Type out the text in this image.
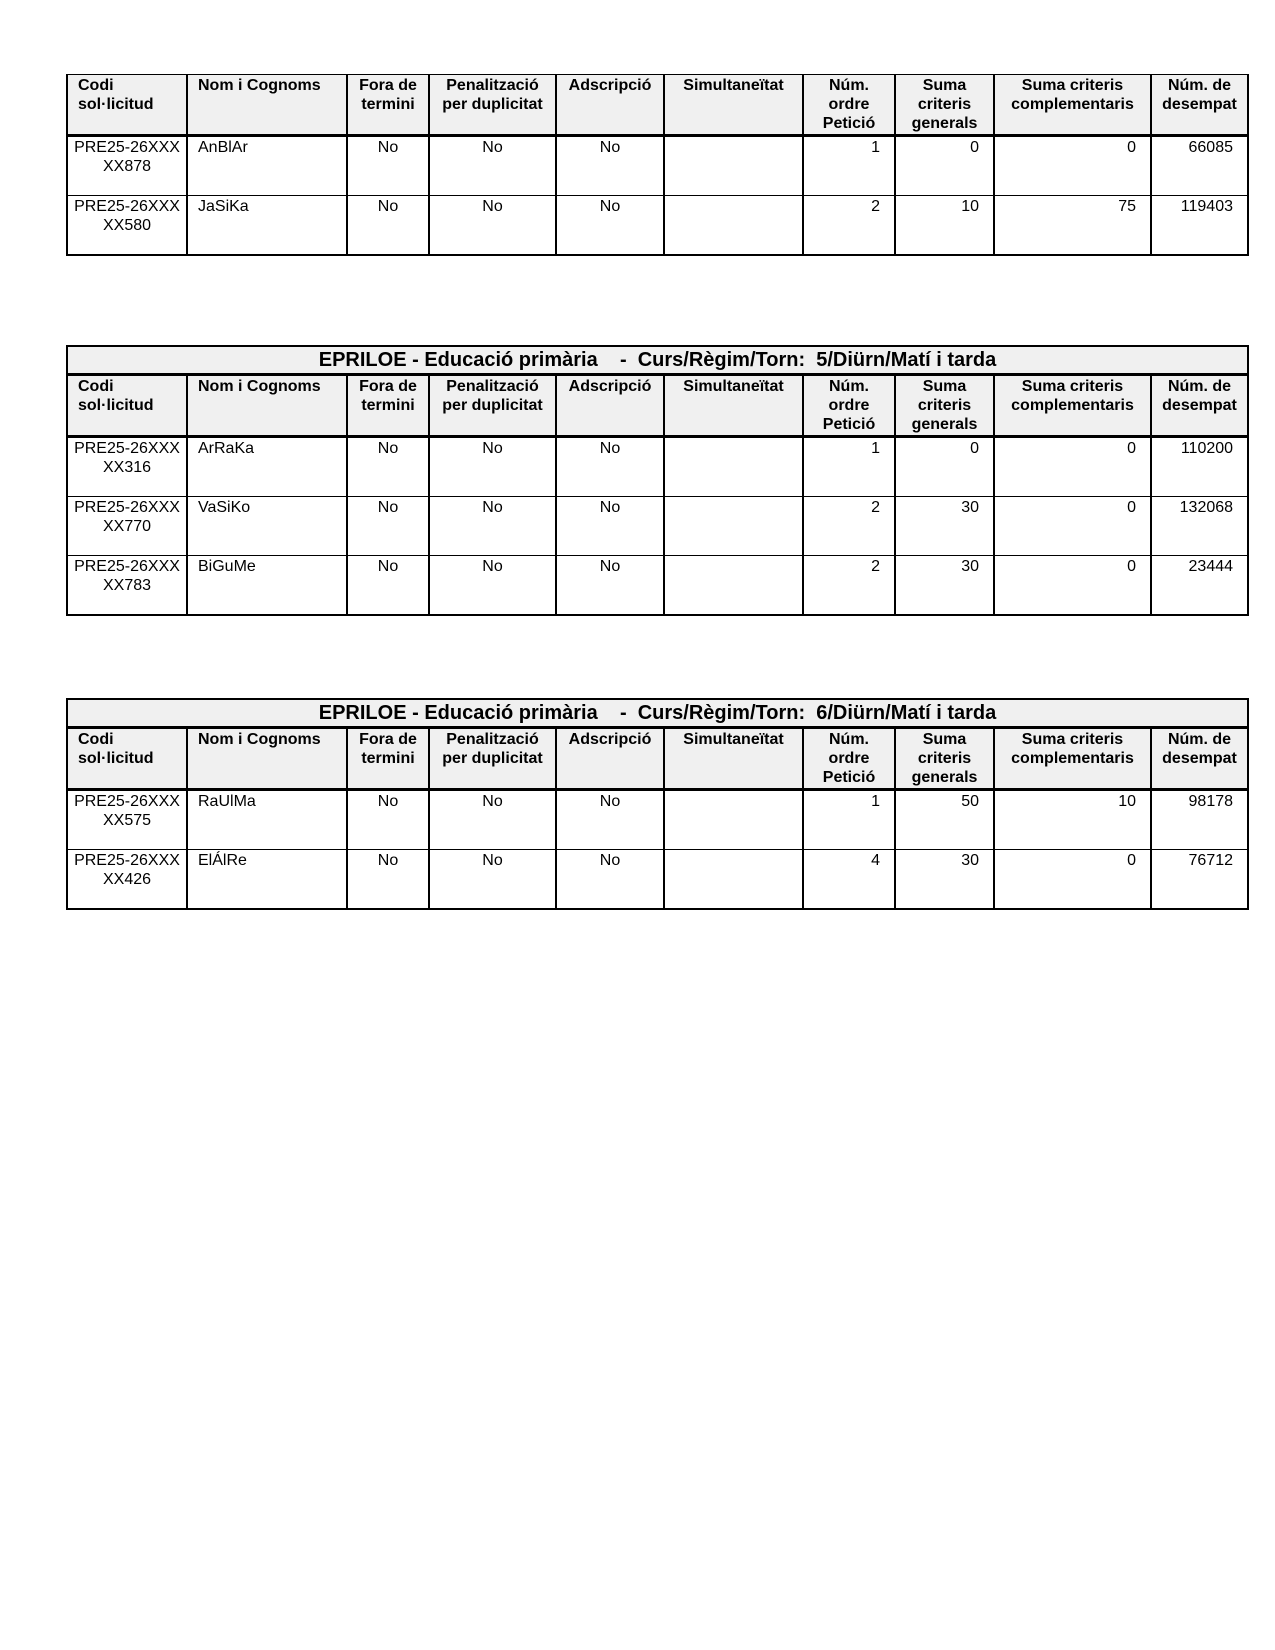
Codi sol·licitud	Nom i Cognoms	Fora de termini	Penalització per duplicitat	Adscripció	Simultaneïtat	Núm. ordre Petició	Suma criteris generals	Suma criteris complementaris	Núm. de desempat
PRE25-26XXXXX878	AnBlAr	No	No	No		1	0	0	66085
PRE25-26XXXXX580	JaSiKa	No	No	No		2	10	75	119403
EPRILOE - Educació primària    -  Curs/Règim/Torn:  5/Diürn/Matí i tarda									
Codi sol·licitud	Nom i Cognoms	Fora de termini	Penalització per duplicitat	Adscripció	Simultaneïtat	Núm. ordre Petició	Suma criteris generals	Suma criteris complementaris	Núm. de desempat
PRE25-26XXXXX316	ArRaKa	No	No	No		1	0	0	110200
PRE25-26XXXXX770	VaSiKo	No	No	No		2	30	0	132068
PRE25-26XXXXX783	BiGuMe	No	No	No		2	30	0	23444
EPRILOE - Educació primària    -  Curs/Règim/Torn:  6/Diürn/Matí i tarda									
Codi sol·licitud	Nom i Cognoms	Fora de termini	Penalització per duplicitat	Adscripció	Simultaneïtat	Núm. ordre Petició	Suma criteris generals	Suma criteris complementaris	Núm. de desempat
PRE25-26XXXXX575	RaUlMa	No	No	No		1	50	10	98178
PRE25-26XXXXX426	ElÁlRe	No	No	No		4	30	0	76712
